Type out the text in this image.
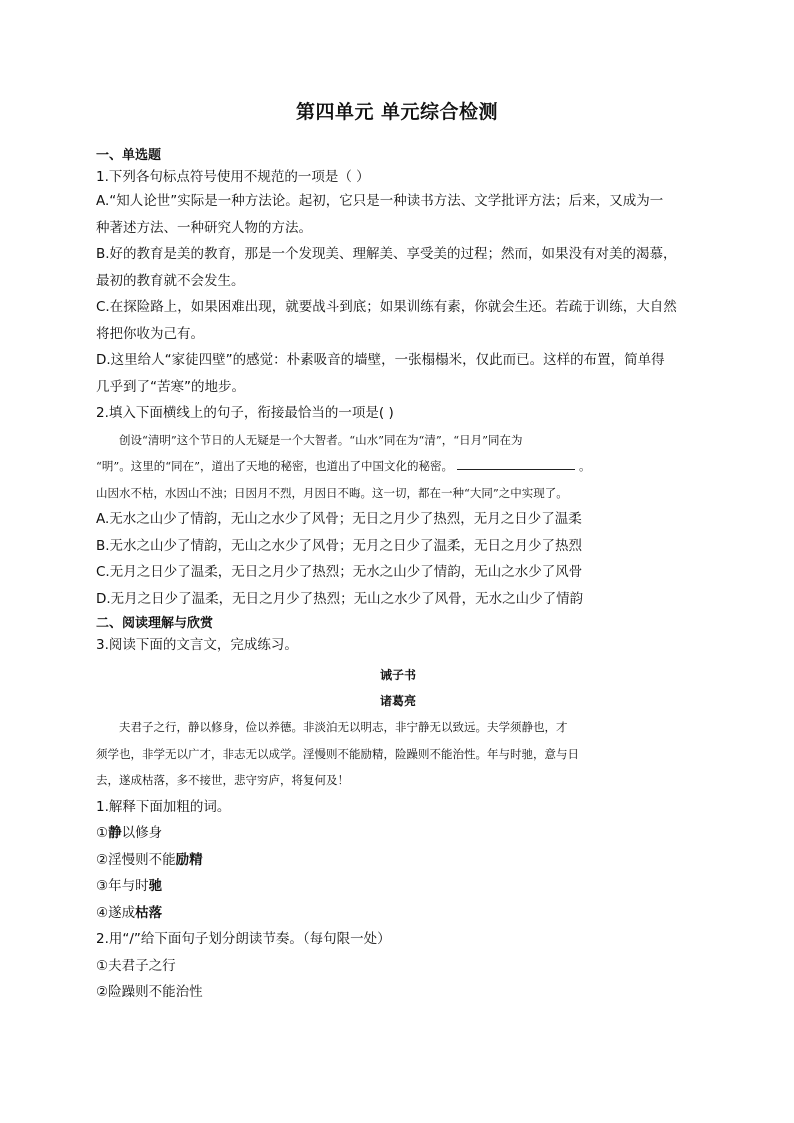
第四单元 单元综合检测
一、单选题

1.下列各句标点符号使用不规范的一项是（ ）

A.“知人论世”实际是一种方法论。起初，它只是一种读书方法、文学批评方法；后来，又成为一

种著述方法、一种研究人物的方法。

B.好的教育是美的教育，那是一个发现美、理解美、享受美的过程；然而，如果没有对美的渴慕，

最初的教育就不会发生。

C.在探险路上，如果困难出现，就要战斗到底；如果训练有素，你就会生还。若疏于训练，大自然

将把你收为己有。

D.这里给人“家徒四壁”的感觉：朴素吸音的墙壁，一张榻榻米，仅此而已。这样的布置，简单得

几乎到了“苦寒”的地步。

2.填入下面横线上的句子，衔接最恰当的一项是( )

创设“清明”这个节日的人无疑是一个大智者。“山水”同在为“清”，“日月”同在为

“明”。这里的“同在”，道出了天地的秘密，也道出了中国文化的秘密。	。

山因水不枯，水因山不浊；日因月不烈，月因日不晦。这一切，都在一种“大同”之中实现了。

A.无水之山少了情韵，无山之水少了风骨；无日之月少了热烈，无月之日少了温柔

B.无水之山少了情韵，无山之水少了风骨；无月之日少了温柔，无日之月少了热烈

C.无月之日少了温柔，无日之月少了热烈；无水之山少了情韵，无山之水少了风骨

D.无月之日少了温柔，无日之月少了热烈；无山之水少了风骨，无水之山少了情韵

二、阅读理解与欣赏

3.阅读下面的文言文，完成练习。

诫子书

诸葛亮

夫君子之行，静以修身，俭以养德。非淡泊无以明志，非宁静无以致远。夫学须静也，才

须学也，非学无以广才，非志无以成学。淫慢则不能励精，险躁则不能治性。年与时驰，意与日

去，遂成枯落，多不接世，悲守穷庐，将复何及！

1.解释下面加粗的词。

①静以修身

②淫慢则不能励精

③年与时驰

④遂成枯落

2.用“/”给下面句子划分朗读节奏。（每句限一处）

①夫君子之行

②险躁则不能治性
